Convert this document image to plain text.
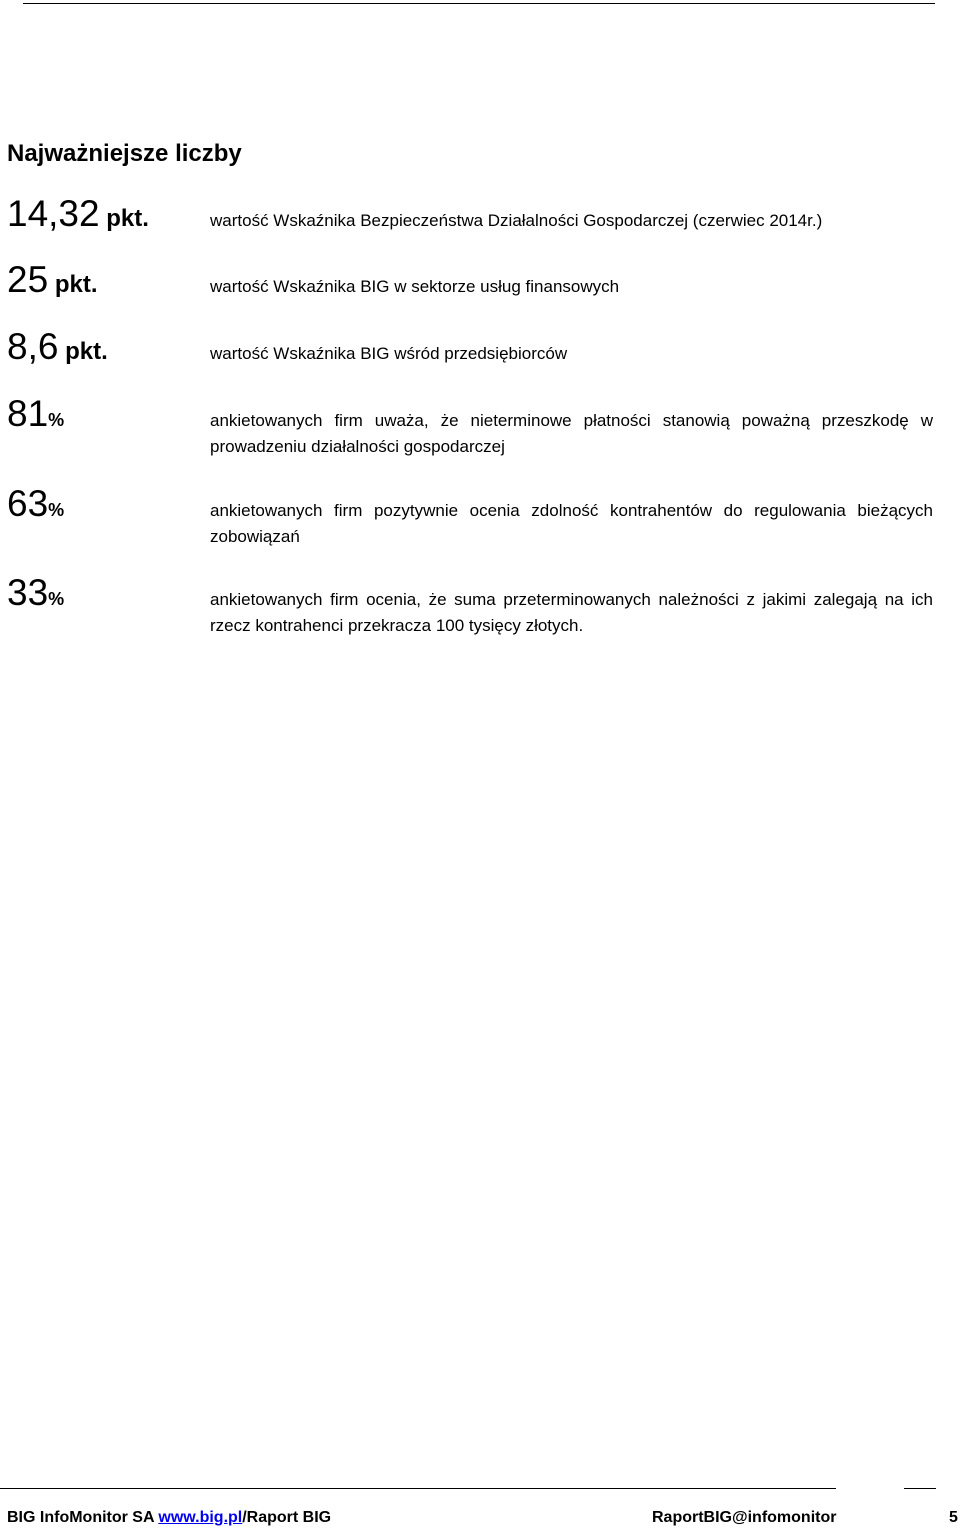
Najważniejsze liczby
14,32 pkt.	wartość Wskaźnika Bezpieczeństwa Działalności Gospodarczej (czerwiec 2014r.)

25 pkt.	wartość Wskaźnika BIG w sektorze usług finansowych

8,6 pkt.	wartość Wskaźnika BIG wśród przedsiębiorców

81%	ankietowanych firm uważa, że nieterminowe płatności stanowią poważną przeszkodę w prowadzeniu działalności gospodarczej

63%	ankietowanych firm pozytywnie ocenia zdolność kontrahentów do regulowania bieżących zobowiązań

33%	ankietowanych firm ocenia, że suma przeterminowanych należności z jakimi zalegają na ich rzecz kontrahenci przekracza 100 tysięcy złotych.

BIG InfoMonitor SA www.big.pl/Raport BIG	RaportBIG@infomonitor	5
